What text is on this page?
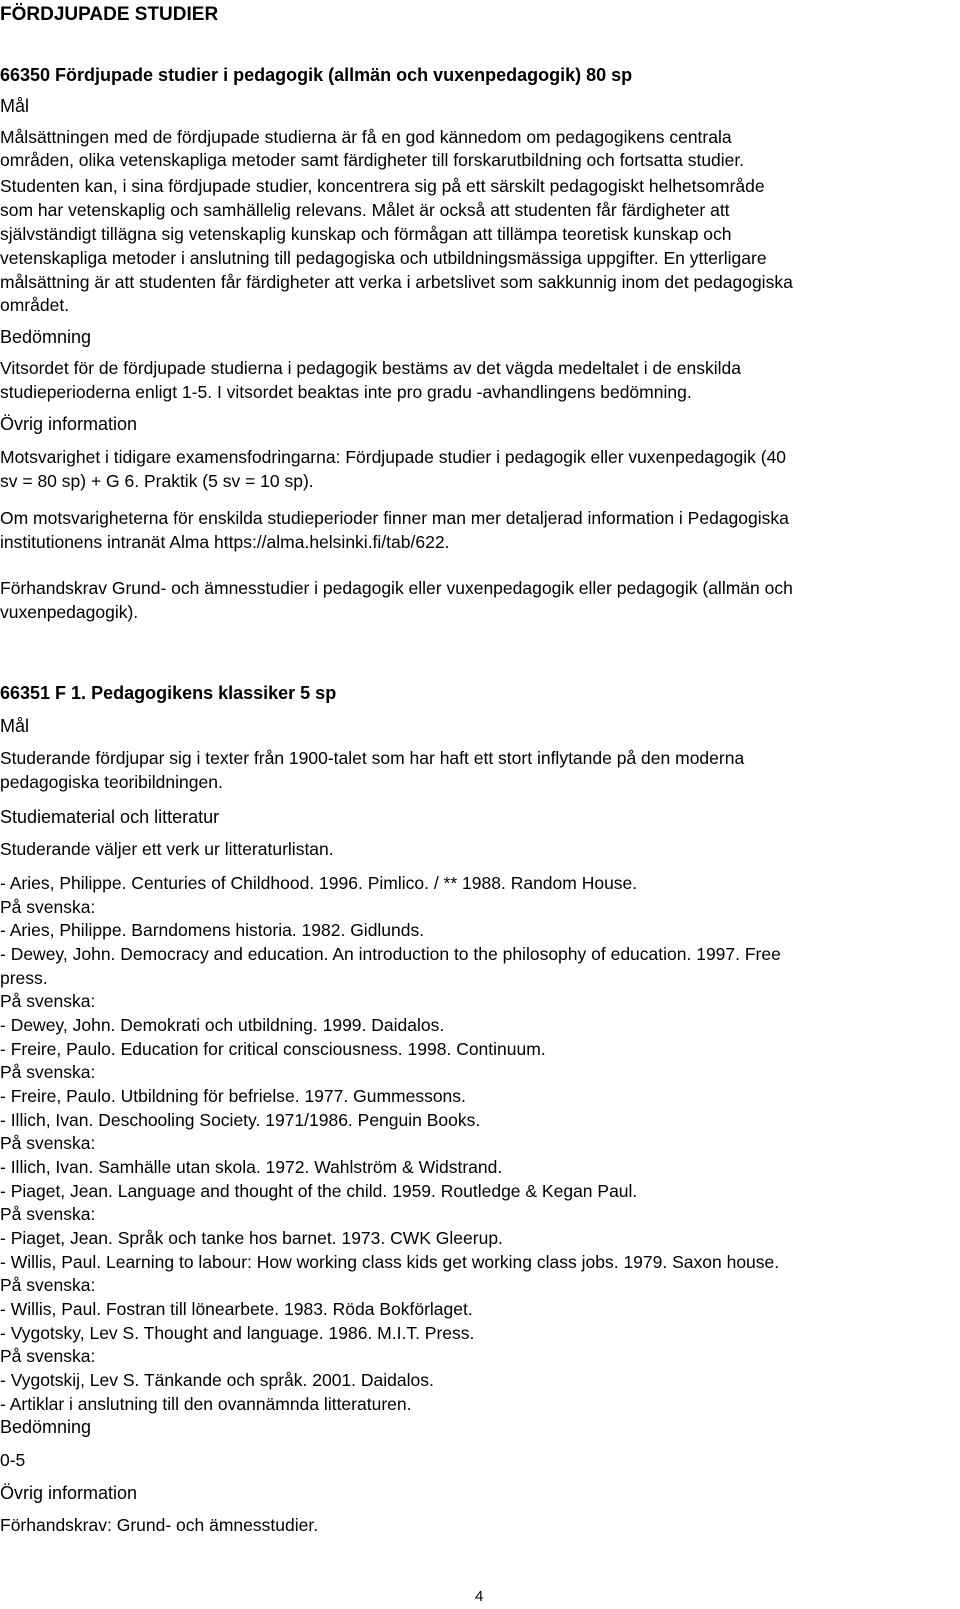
FÖRDJUPADE STUDIER
66350 Fördjupade studier i pedagogik (allmän och vuxenpedagogik) 80 sp
Mål
Målsättningen med de fördjupade studierna är få en god kännedom om pedagogikens centrala
områden, olika vetenskapliga metoder samt färdigheter till forskarutbildning och fortsatta studier.
Studenten kan, i sina fördjupade studier, koncentrera sig på ett särskilt pedagogiskt helhetsområde
som har vetenskaplig och samhällelig relevans. Målet är också att studenten får färdigheter att
självständigt tillägna sig vetenskaplig kunskap och förmågan att tillämpa teoretisk kunskap och
vetenskapliga metoder i anslutning till pedagogiska och utbildningsmässiga uppgifter. En ytterligare
målsättning är att studenten får färdigheter att verka i arbetslivet som sakkunnig inom det pedagogiska
området.
Bedömning
Vitsordet för de fördjupade studierna i pedagogik bestäms av det vägda medeltalet i de enskilda
studieperioderna enligt 1-5. I vitsordet beaktas inte pro gradu -avhandlingens bedömning.
Övrig information
Motsvarighet i tidigare examensfodringarna: Fördjupade studier i pedagogik eller vuxenpedagogik (40
sv = 80 sp) + G 6. Praktik (5 sv = 10 sp).
Om motsvarigheterna för enskilda studieperioder finner man mer detaljerad information i Pedagogiska
institutionens intranät Alma https://alma.helsinki.fi/tab/622.
Förhandskrav Grund- och ämnesstudier i pedagogik eller vuxenpedagogik eller pedagogik (allmän och
vuxenpedagogik).
66351 F 1. Pedagogikens klassiker 5 sp
Mål
Studerande fördjupar sig i texter från 1900-talet som har haft ett stort inflytande på den moderna
pedagogiska teoribildningen.
Studiematerial och litteratur
Studerande väljer ett verk ur litteraturlistan.
- Aries, Philippe. Centuries of Childhood. 1996. Pimlico. / ** 1988. Random House.
På svenska:
- Aries, Philippe. Barndomens historia. 1982. Gidlunds.
- Dewey, John. Democracy and education. An introduction to the philosophy of education. 1997. Free
press.
På svenska:
- Dewey, John. Demokrati och utbildning. 1999. Daidalos.
- Freire, Paulo. Education for critical consciousness. 1998. Continuum.
På svenska:
- Freire, Paulo. Utbildning för befrielse. 1977. Gummessons.
- Illich, Ivan. Deschooling Society. 1971/1986. Penguin Books.
På svenska:
- Illich, Ivan. Samhälle utan skola. 1972. Wahlström & Widstrand.
- Piaget, Jean. Language and thought of the child. 1959. Routledge & Kegan Paul.
På svenska:
- Piaget, Jean. Språk och tanke hos barnet. 1973. CWK Gleerup.
- Willis, Paul. Learning to labour: How working class kids get working class jobs. 1979. Saxon house.
På svenska:
- Willis, Paul. Fostran till lönearbete. 1983. Röda Bokförlaget.
- Vygotsky, Lev S. Thought and language. 1986. M.I.T. Press.
På svenska:
- Vygotskij, Lev S. Tänkande och språk. 2001. Daidalos.
- Artiklar i anslutning till den ovannämnda litteraturen.
Bedömning
0-5
Övrig information
Förhandskrav: Grund- och ämnesstudier.
4
